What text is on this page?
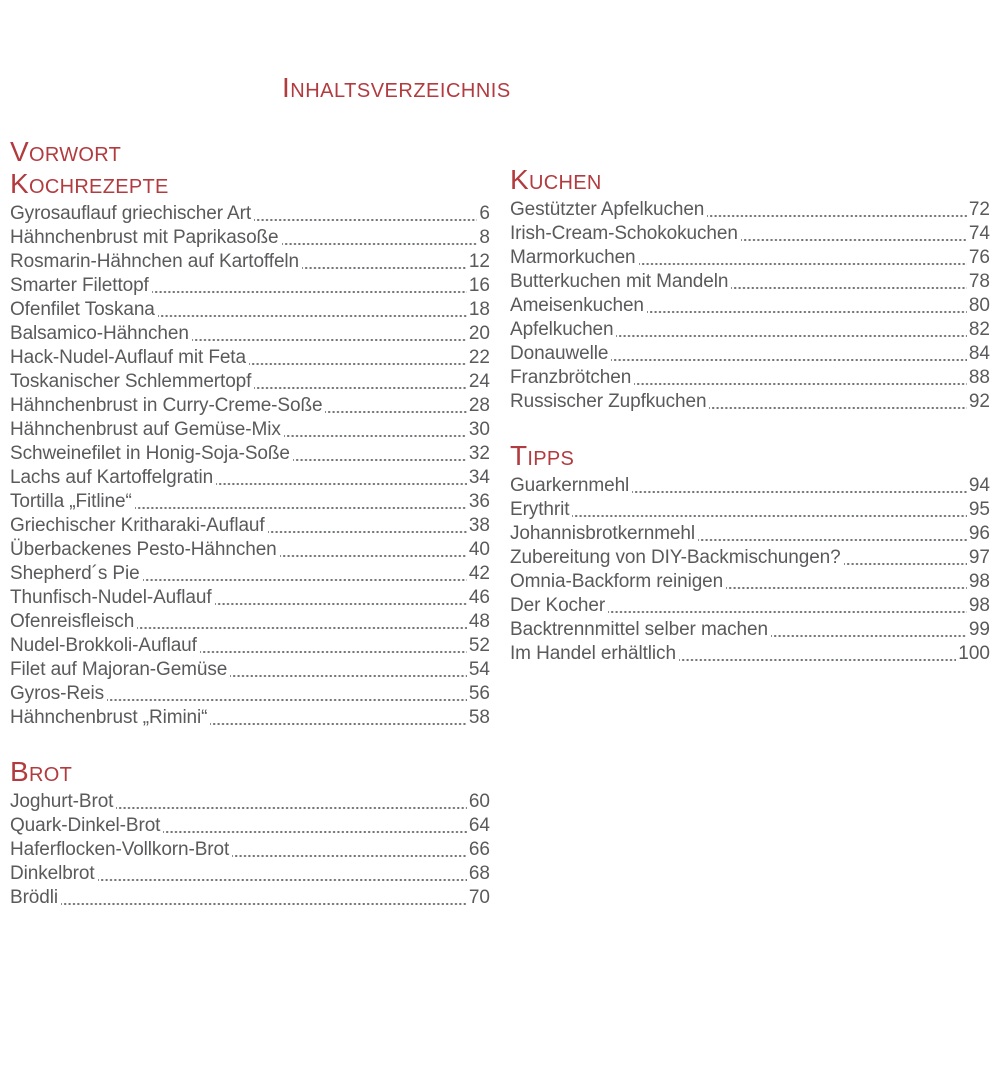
Inhaltsverzeichnis
Vorwort
Kochrezepte
Gyrosauflauf griechischer Art	6
Hähnchenbrust mit Paprikasoße	8
Rosmarin-Hähnchen auf Kartoffeln	12
Smarter Filettopf	16
Ofenfilet Toskana	18
Balsamico-Hähnchen	20
Hack-Nudel-Auflauf mit Feta	22
Toskanischer Schlemmertopf	24
Hähnchenbrust in Curry-Creme-Soße	28
Hähnchenbrust auf Gemüse-Mix	30
Schweinefilet in Honig-Soja-Soße	32
Lachs auf Kartoffelgratin	34
Tortilla „Fitline“	36
Griechischer Kritharaki-Auflauf	38
Überbackenes Pesto-Hähnchen	40
Shepherd´s Pie	42
Thunfisch-Nudel-Auflauf	46
Ofenreisfleisch	48
Nudel-Brokkoli-Auflauf	52
Filet auf Majoran-Gemüse	54
Gyros-Reis	56
Hähnchenbrust „Rimini“	58
Brot
Joghurt-Brot	60
Quark-Dinkel-Brot	64
Haferflocken-Vollkorn-Brot	66
Dinkelbrot	68
Brödli	70
Kuchen
Gestützter Apfelkuchen	72
Irish-Cream-Schokokuchen	74
Marmorkuchen	76
Butterkuchen mit Mandeln	78
Ameisenkuchen	80
Apfelkuchen	82
Donauwelle	84
Franzbrötchen	88
Russischer Zupfkuchen	92
Tipps
Guarkernmehl	94
Erythrit	95
Johannisbrotkernmehl	96
Zubereitung von DIY-Backmischungen?	97
Omnia-Backform reinigen	98
Der Kocher	98
Backtrennmittel selber machen	99
Im Handel erhältlich	100
